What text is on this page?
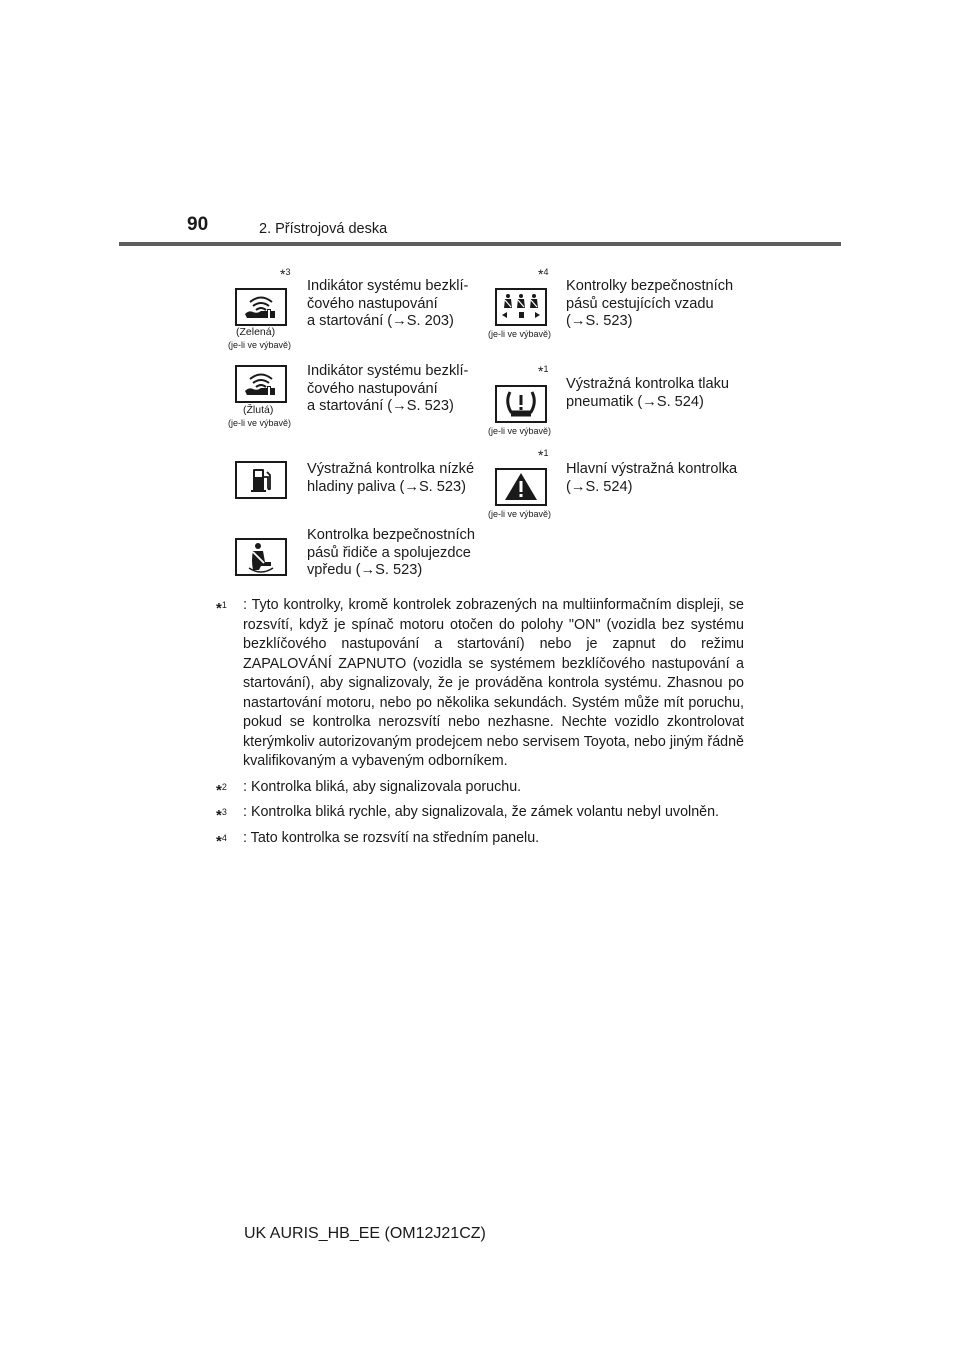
90	2. Přístrojová deska
*$^3$
(Zelená)
(je-li ve výbavě)
Indikátor systému bezklí-
čového nastupování
a startování (→S. 203)
*$^4$
(je-li ve výbavě)
Kontrolky bezpečnostních
pásů cestujících vzadu
(→S. 523)
(Žlutá)
(je-li ve výbavě)
Indikátor systému bezklí-
čového nastupování
a startování (→S. 523)
*$^1$
(je-li ve výbavě)
Výstražná kontrolka tlaku
pneumatik (→S. 524)
Výstražná kontrolka nízké
hladiny paliva (→S. 523)
*$^1$
(je-li ve výbavě)
Hlavní výstražná kontrolka
(→S. 524)
Kontrolka bezpečnostních
pásů řidiče a spolujezdce
vpředu (→S. 523)
*$^1$ : Tyto kontrolky, kromě kontrolek zobrazených na multiinformačním displeji, se rozsvítí, když je spínač motoru otočen do polohy "ON" (vozidla bez systému bezklíčového nastupování a startování) nebo je zapnut do režimu ZAPALOVÁNÍ ZAPNUTO (vozidla se systémem bezklíčového nastupování a startování), aby signalizovaly, že je prováděna kontrola systému. Zhasnou po nastartování motoru, nebo po několika sekundách. Systém může mít poruchu, pokud se kontrolka nerozsvítí nebo nezhasne. Nechte vozidlo zkontrolovat kterýmkoliv autorizovaným prodejcem nebo servisem Toyota, nebo jiným řádně kvalifikovaným a vybaveným odborníkem.
*$^2$ : Kontrolka bliká, aby signalizovala poruchu.
*$^3$ : Kontrolka bliká rychle, aby signalizovala, že zámek volantu nebyl uvolněn.
*$^4$ : Tato kontrolka se rozsvítí na středním panelu.
UK AURIS_HB_EE (OM12J21CZ)
